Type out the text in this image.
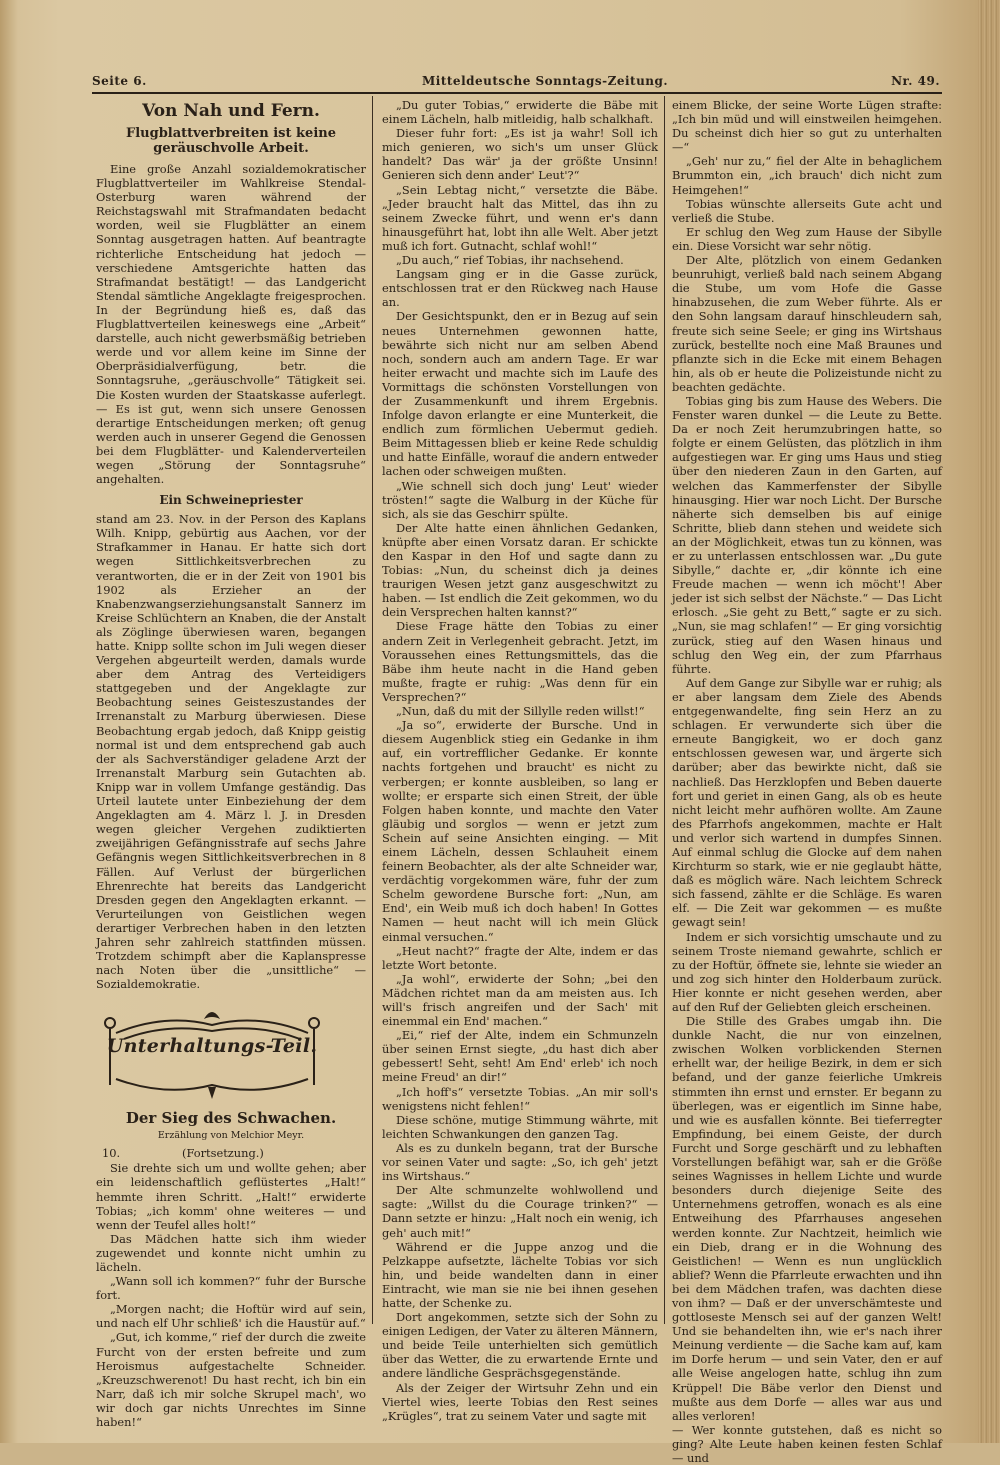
Seite 6.	Mitteldeutsche Sonntags-Zeitung.	Nr. 49.
Von Nah und Fern.
Flugblattverbreiten ist keine geräuschvolle Arbeit.

Eine große Anzahl sozialdemokratischer Flugblattverteiler im Wahlkreise Stendal-Osterburg waren während der Reichstagswahl mit Strafmandaten bedacht worden, weil sie Flugblätter an einem Sonntag ausgetragen hatten. Auf beantragte richterliche Entscheidung hat jedoch — verschiedene Amtsgerichte hatten das Strafmandat bestätigt! — das Landgericht Stendal sämtliche Angeklagte freigesprochen. In der Begründung hieß es, daß das Flugblattverteilen keineswegs eine „Arbeit“ darstelle, auch nicht gewerbsmäßig betrieben werde und vor allem keine im Sinne der Oberpräsidialverfügung, betr. die Sonntagsruhe, „geräuschvolle“ Tätigkeit sei. Die Kosten wurden der Staatskasse auferlegt. — Es ist gut, wenn sich unsere Genossen derartige Entscheidungen merken; oft genug werden auch in unserer Gegend die Genossen bei dem Flugblätter- und Kalenderverteilen wegen „Störung der Sonntagsruhe“ angehalten.

Ein Schweinepriester

stand am 23. Nov. in der Person des Kaplans Wilh. Knipp, gebürtig aus Aachen, vor der Strafkammer in Hanau. Er hatte sich dort wegen Sittlichkeitsverbrechen zu verantworten, die er in der Zeit von 1901 bis 1902 als Erzieher an der Knabenzwangserziehungsanstalt Sannerz im Kreise Schlüchtern an Knaben, die der Anstalt als Zöglinge überwiesen waren, begangen hatte. Knipp sollte schon im Juli wegen dieser Vergehen abgeurteilt werden, damals wurde aber dem Antrag des Verteidigers stattgegeben und der Angeklagte zur Beobachtung seines Geisteszustandes der Irrenanstalt zu Marburg überwiesen. Diese Beobachtung ergab jedoch, daß Knipp geistig normal ist und dem entsprechend gab auch der als Sachverständiger geladene Arzt der Irrenanstalt Marburg sein Gutachten ab. Knipp war in vollem Umfange geständig. Das Urteil lautete unter Einbeziehung der dem Angeklagten am 4. März l. J. in Dresden wegen gleicher Vergehen zudiktierten zweijährigen Gefängnisstrafe auf sechs Jahre Gefängnis wegen Sittlichkeitsverbrechen in 8 Fällen. Auf Verlust der bürgerlichen Ehrenrechte hat bereits das Landgericht Dresden gegen den Angeklagten erkannt. — Verurteilungen von Geistlichen wegen derartiger Verbrechen haben in den letzten Jahren sehr zahlreich stattfinden müssen. Trotzdem schimpft aber die Kaplanspresse nach Noten über die „unsittliche“ — Sozialdemokratie.

Unterhaltungs-Teil.
Der Sieg des Schwachen.
Erzählung von Melchior Meyr.
10.	(Fortsetzung.)

Sie drehte sich um und wollte gehen; aber ein leidenschaftlich geflüstertes „Halt!“ hemmte ihren Schritt. „Halt!“ erwiderte Tobias; „ich komm' ohne weiteres — und wenn der Teufel alles holt!“

Das Mädchen hatte sich ihm wieder zugewendet und konnte nicht umhin zu lächeln.

„Wann soll ich kommen?“ fuhr der Bursche fort.

„Morgen nacht; die Hoftür wird auf sein, und nach elf Uhr schließ' ich die Haustür auf.“

„Gut, ich komme,“ rief der durch die zweite Furcht von der ersten befreite und zum Heroismus aufgestachelte Schneider. „Kreuzschwerenot! Du hast recht, ich bin ein Narr, daß ich mir solche Skrupel mach', wo wir doch gar nichts Unrechtes im Sinne haben!“

„Du guter Tobias,“ erwiderte die Bäbe mit einem Lächeln, halb mitleidig, halb schalkhaft.

Dieser fuhr fort: „Es ist ja wahr! Soll ich mich genieren, wo sich's um unser Glück handelt? Das wär' ja der größte Unsinn! Genieren sich denn ander' Leut'?“

„Sein Lebtag nicht,“ versetzte die Bäbe. „Jeder braucht halt das Mittel, das ihn zu seinem Zwecke führt, und wenn er's dann hinausgeführt hat, lobt ihn alle Welt. Aber jetzt muß ich fort. Gutnacht, schlaf wohl!“

„Du auch,“ rief Tobias, ihr nachsehend.

Langsam ging er in die Gasse zurück, entschlossen trat er den Rückweg nach Hause an.

Der Gesichtspunkt, den er in Bezug auf sein neues Unternehmen gewonnen hatte, bewährte sich nicht nur am selben Abend noch, sondern auch am andern Tage. Er war heiter erwacht und machte sich im Laufe des Vormittags die schönsten Vorstellungen von der Zusammenkunft und ihrem Ergebnis. Infolge davon erlangte er eine Munterkeit, die endlich zum förmlichen Uebermut gedieh. Beim Mittagessen blieb er keine Rede schuldig und hatte Einfälle, worauf die andern entweder lachen oder schweigen mußten.

„Wie schnell sich doch jung' Leut' wieder trösten!“ sagte die Walburg in der Küche für sich, als sie das Geschirr spülte.

Der Alte hatte einen ähnlichen Gedanken, knüpfte aber einen Vorsatz daran. Er schickte den Kaspar in den Hof und sagte dann zu Tobias: „Nun, du scheinst dich ja deines traurigen Wesen jetzt ganz ausgeschwitzt zu haben. — Ist endlich die Zeit gekommen, wo du dein Versprechen halten kannst?“

Diese Frage hätte den Tobias zu einer andern Zeit in Verlegenheit gebracht. Jetzt, im Voraussehen eines Rettungsmittels, das die Bäbe ihm heute nacht in die Hand geben mußte, fragte er ruhig: „Was denn für ein Versprechen?“

„Nun, daß du mit der Sillylle reden willst!“

„Ja so“, erwiderte der Bursche. Und in diesem Augenblick stieg ein Gedanke in ihm auf, ein vortrefflicher Gedanke. Er konnte nachts fortgehen und braucht' es nicht zu verbergen; er konnte ausbleiben, so lang er wollte; er ersparte sich einen Streit, der üble Folgen haben konnte, und machte den Vater gläubig und sorglos — wenn er jetzt zum Schein auf seine Ansichten einging. — Mit einem Lächeln, dessen Schlauheit einem feinern Beobachter, als der alte Schneider war, verdächtig vorgekommen wäre, fuhr der zum Schelm gewordene Bursche fort: „Nun, am End', ein Weib muß ich doch haben! In Gottes Namen — heut nacht will ich mein Glück einmal versuchen.“

„Heut nacht?“ fragte der Alte, indem er das letzte Wort betonte.

„Ja wohl“, erwiderte der Sohn; „bei den Mädchen richtet man da am meisten aus. Ich will's frisch angreifen und der Sach' mit einemmal ein End' machen.“

„Ei,“ rief der Alte, indem ein Schmunzeln über seinen Ernst siegte, „du hast dich aber gebessert! Seht, seht! Am End' erleb' ich noch meine Freud' an dir!“

„Ich hoff's“ versetzte Tobias. „An mir soll's wenigstens nicht fehlen!“

Diese schöne, mutige Stimmung währte, mit leichten Schwankungen den ganzen Tag.

Als es zu dunkeln begann, trat der Bursche vor seinen Vater und sagte: „So, ich geh' jetzt ins Wirtshaus.“

Der Alte schmunzelte wohlwollend und sagte: „Willst du die Courage trinken?“ — Dann setzte er hinzu: „Halt noch ein wenig, ich geh' auch mit!“

Während er die Juppe anzog und die Pelzkappe aufsetzte, lächelte Tobias vor sich hin, und beide wandelten dann in einer Eintracht, wie man sie nie bei ihnen gesehen hatte, der Schenke zu.

Dort angekommen, setzte sich der Sohn zu einigen Ledigen, der Vater zu älteren Männern, und beide Teile unterhielten sich gemütlich über das Wetter, die zu erwartende Ernte und andere ländliche Gesprächsgegenstände.

Als der Zeiger der Wirtsuhr Zehn und ein Viertel wies, leerte Tobias den Rest seines „Krügles“, trat zu seinem Vater und sagte mit

einem Blicke, der seine Worte Lügen strafte: „Ich bin müd und will einstweilen heimgehen. Du scheinst dich hier so gut zu unterhalten —“

„Geh' nur zu,“ fiel der Alte in behaglichem Brummton ein, „ich brauch' dich nicht zum Heimgehen!“

Tobias wünschte allerseits Gute acht und verließ die Stube.

Er schlug den Weg zum Hause der Sibylle ein. Diese Vorsicht war sehr nötig.

Der Alte, plötzlich von einem Gedanken beunruhigt, verließ bald nach seinem Abgang die Stube, um vom Hofe die Gasse hinabzusehen, die zum Weber führte. Als er den Sohn langsam darauf hinschleudern sah, freute sich seine Seele; er ging ins Wirtshaus zurück, bestellte noch eine Maß Braunes und pflanzte sich in die Ecke mit einem Behagen hin, als ob er heute die Polizeistunde nicht zu beachten gedächte.

Tobias ging bis zum Hause des Webers. Die Fenster waren dunkel — die Leute zu Bette. Da er noch Zeit herumzubringen hatte, so folgte er einem Gelüsten, das plötzlich in ihm aufgestiegen war. Er ging ums Haus und stieg über den niederen Zaun in den Garten, auf welchen das Kammerfenster der Sibylle hinausging. Hier war noch Licht. Der Bursche näherte sich demselben bis auf einige Schritte, blieb dann stehen und weidete sich an der Möglichkeit, etwas tun zu können, was er zu unterlassen entschlossen war. „Du gute Sibylle,“ dachte er, „dir könnte ich eine Freude machen — wenn ich möcht'! Aber jeder ist sich selbst der Nächste.“ — Das Licht erlosch. „Sie geht zu Bett,“ sagte er zu sich. „Nun, sie mag schlafen!“ — Er ging vorsichtig zurück, stieg auf den Wasen hinaus und schlug den Weg ein, der zum Pfarrhaus führte.

Auf dem Gange zur Sibylle war er ruhig; als er aber langsam dem Ziele des Abends entgegenwandelte, fing sein Herz an zu schlagen. Er verwunderte sich über die erneute Bangigkeit, wo er doch ganz entschlossen gewesen war, und ärgerte sich darüber; aber das bewirkte nicht, daß sie nachließ. Das Herzklopfen und Beben dauerte fort und geriet in einen Gang, als ob es heute nicht leicht mehr aufhören wollte. Am Zaune des Pfarrhofs angekommen, machte er Halt und verlor sich wartend in dumpfes Sinnen. Auf einmal schlug die Glocke auf dem nahen Kirchturm so stark, wie er nie geglaubt hätte, daß es möglich wäre. Nach leichtem Schreck sich fassend, zählte er die Schläge. Es waren elf. — Die Zeit war gekommen — es mußte gewagt sein!

Indem er sich vorsichtig umschaute und zu seinem Troste niemand gewahrte, schlich er zu der Hoftür, öffnete sie, lehnte sie wieder an und zog sich hinter den Holderbaum zurück. Hier konnte er nicht gesehen werden, aber auf den Ruf der Geliebten gleich erscheinen.

Die Stille des Grabes umgab ihn. Die dunkle Nacht, die nur von einzelnen, zwischen Wolken vorblickenden Sternen erhellt war, der heilige Bezirk, in dem er sich befand, und der ganze feierliche Umkreis stimmten ihn ernst und ernster. Er begann zu überlegen, was er eigentlich im Sinne habe, und wie es ausfallen könnte. Bei tieferregter Empfindung, bei einem Geiste, der durch Furcht und Sorge geschärft und zu lebhaften Vorstellungen befähigt war, sah er die Größe seines Wagnisses in hellem Lichte und wurde besonders durch diejenige Seite des Unternehmens getroffen, wonach es als eine Entweihung des Pfarrhauses angesehen werden konnte. Zur Nachtzeit, heimlich wie ein Dieb, drang er in die Wohnung des Geistlichen! — Wenn es nun unglücklich ablief? Wenn die Pfarrleute erwachten und ihn bei dem Mädchen trafen, was dachten diese von ihm? — Daß er der unverschämteste und gottloseste Mensch sei auf der ganzen Welt! Und sie behandelten ihn, wie er's nach ihrer Meinung verdiente — die Sache kam auf, kam im Dorfe herum — und sein Vater, den er auf alle Weise angelogen hatte, schlug ihn zum Krüppel! Die Bäbe verlor den Dienst und mußte aus dem Dorfe — alles war aus und alles verloren!

— Wer konnte gutstehen, daß es nicht so ging? Alte Leute haben keinen festen Schlaf — und
